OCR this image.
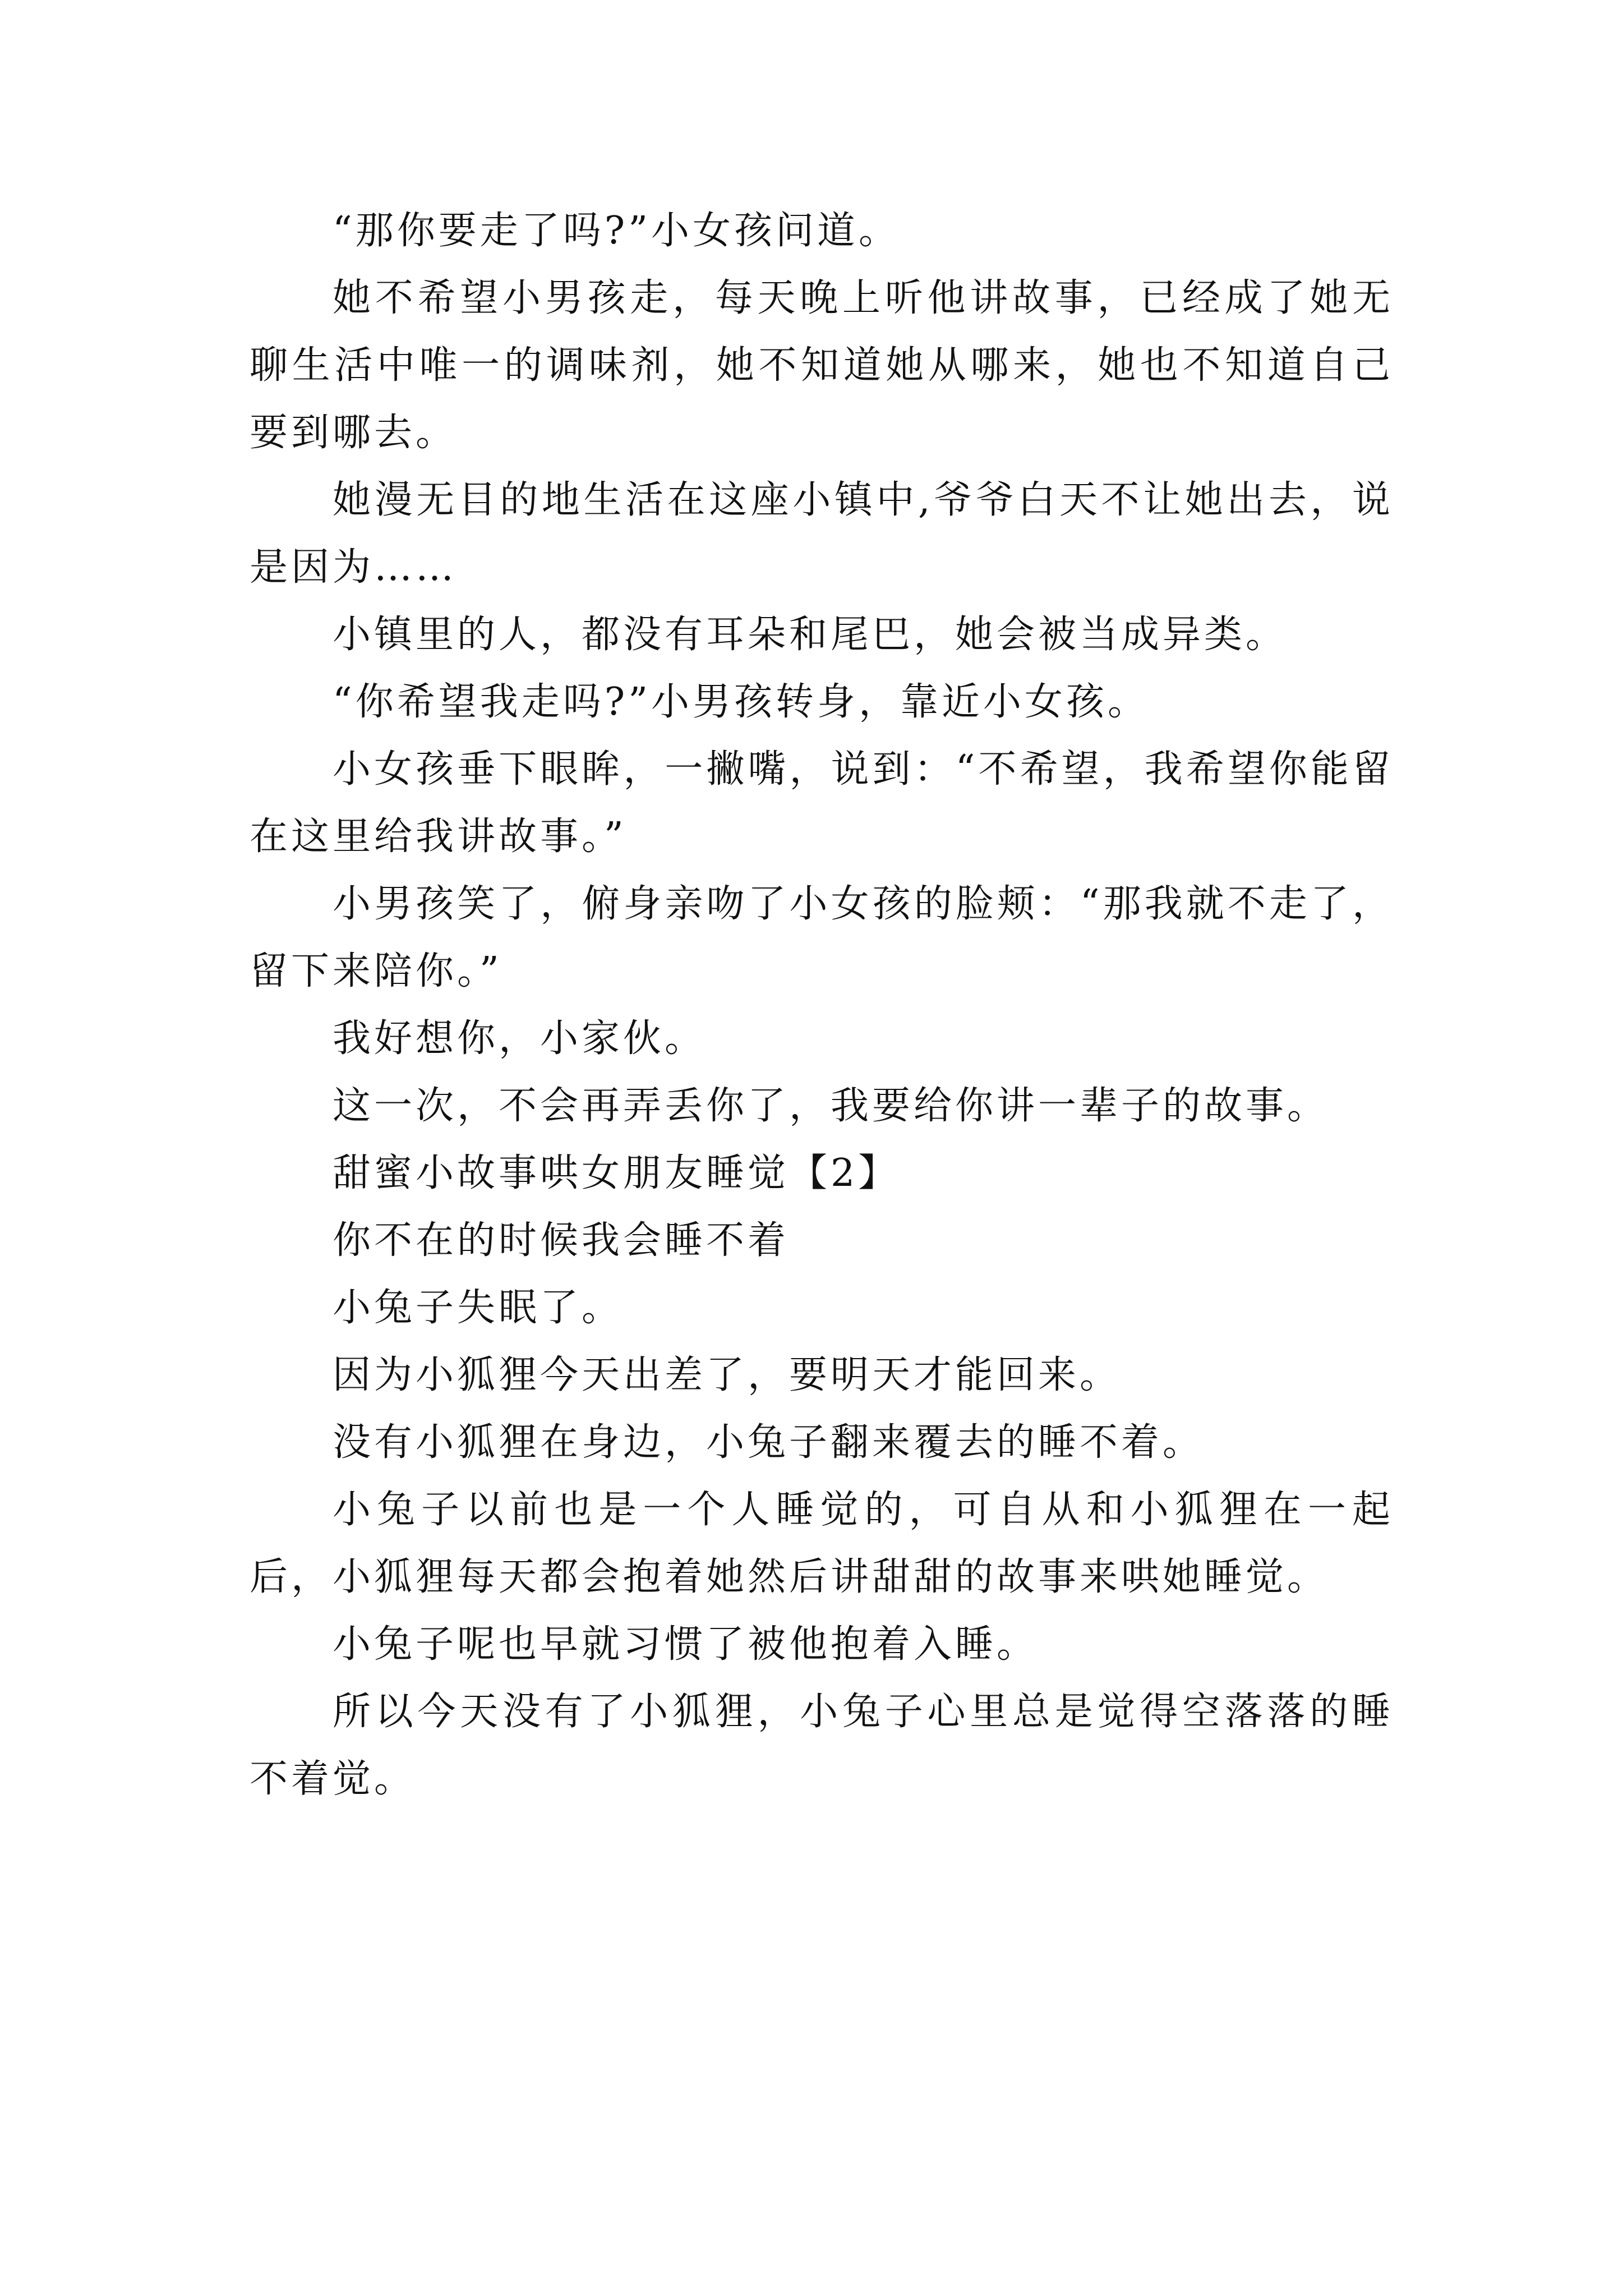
“那你要走了吗?”小女孩问道。

她不希望小男孩走，每天晚上听他讲故事，已经成了她无聊生活中唯一的调味剂，她不知道她从哪来，她也不知道自己要到哪去。

她漫无目的地生活在这座小镇中,爷爷白天不让她出去，说是因为……

小镇里的人，都没有耳朵和尾巴，她会被当成异类。

“你希望我走吗?”小男孩转身，靠近小女孩。

小女孩垂下眼眸，一撇嘴，说到：“不希望，我希望你能留在这里给我讲故事。”

小男孩笑了，俯身亲吻了小女孩的脸颊：“那我就不走了，留下来陪你。”

我好想你，小家伙。

这一次，不会再弄丢你了，我要给你讲一辈子的故事。

甜蜜小故事哄女朋友睡觉【2】

你不在的时候我会睡不着

小兔子失眠了。

因为小狐狸今天出差了，要明天才能回来。

没有小狐狸在身边，小兔子翻来覆去的睡不着。

小兔子以前也是一个人睡觉的，可自从和小狐狸在一起后，小狐狸每天都会抱着她然后讲甜甜的故事来哄她睡觉。

小兔子呢也早就习惯了被他抱着入睡。

所以今天没有了小狐狸，小兔子心里总是觉得空落落的睡不着觉。
